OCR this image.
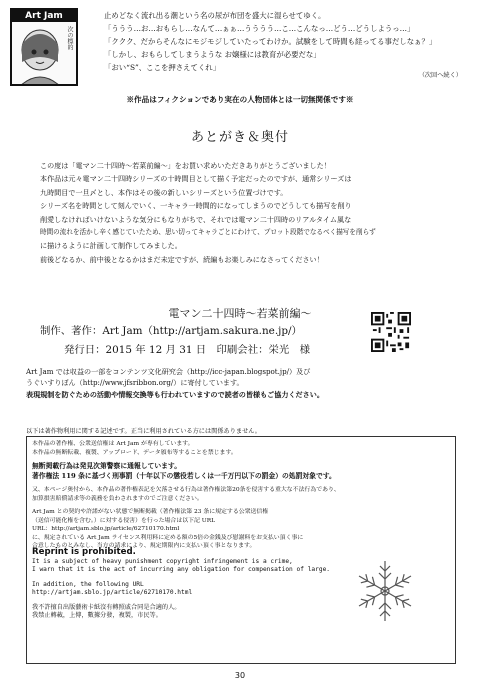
Art Jam
次の標的
止めどなく流れ出る潮という名の尿が布団を盛大に湿らせてゆく。
「ううう…お…おもらし…なんて…ぁぁ…うううう…こ…こんなっ…どう…どうしようっ…」
「ククク、だからそんなにモジモジしていたってわけか。試験をして時間も経ってる事だしなぁ？」
「しかし、おもらしてしまうような お嬢様には教育が必要だな」
「おい“S”、ここを押さえてくれ」
（次回へ続く）
※作品はフィクションであり実在の人物団体とは一切無関係です※
あとがき＆奥付
この度は「電マン二十四時～若菜前編～」をお買い求めいただきありがとうございました！
本作品は元々電マン二十四時シリーズの十時間目として描く予定だったのですが、通常シリーズは
九時間目で一旦〆とし、本作はその後の新しいシリーズという位置づけです。
シリーズ名を時間として刻んでいく、一キャラ一時間的になってしまうのでどうしても描写を削り
削愛しなければいけないような気分にもなりがちで、それでは電マン二十四時のリアルタイム風な
時間の流れを活かし辛く感じていたため、思い切ってキャラごとにわけて、プロット段階でなるべく描写を削らず
に描けるように計画して制作してみました。
前後どなるか、前中後となるかはまだ未定ですが、続編もお楽しみになさってください！
電マン二十四時～若菜前編～
制作、著作：Art Jam（http://artjam.sakura.ne.jp/）
発行日：2015 年 12 月 31 日　印刷会社：栄光　様
Art Jam では収益の一部をコンテンツ文化研究会（http://icc-japan.blogspot.jp/）及び
うぐいすりぼん（http://www.jfsribbon.org/）に寄付しています。
表現規制を防ぐための活動や情報交換等も行われていますので読者の皆様もご協力ください。
以下は著作物利用に関する記述です。正当に利用されている方には関係ありません。
本作品の著作権、公衆送信権は Art Jam が専有しています。
本作品の無断転載、複製、アップロード、データ頒布等することを禁じます。
無断掲載行為は発見次第警察に通報しています。
著作権法 119 条に基づく刑事罰（十年以下の懲役若しくは一千万円以下の罰金）の処罰対象です。
又、本ページ奥付から、本作品の著作権表記を欠落させる行為は著作権法第20条を侵害する重大な不法行為であり、
加算損害賠償請求等の義務を負わされますのでご注意ください。
Art Jam との契約や許諾がない状態で無断掲載（著作権法第 23 条に規定する公衆送信権
（送信可能化権を含む。）に対する侵害）を行った場合は以下記 URL
URL：http://artjam.sblo.jp/article/62710170.html
に、規定されている Art Jam ライセンス利用料に定める額の5倍の金銭及び慰謝料をお支払い頂く事に
合意したものとみなし、当方の請求により、規定期限内に支払い頂く事となります。
Reprint is prohibited.
It is a subject of heavy punishment copyright infringement is a crime,
I warn that it is the act of incurring any obligation for compensation of large.
In addition, the following URL
http://artjam.sblo.jp/article/62710170.html
我不許擅自出版藝術卡紙沒有轉照戚合同是合適的人。
我禁止轉載，上傳，數據分發，複製，市民等。
30
